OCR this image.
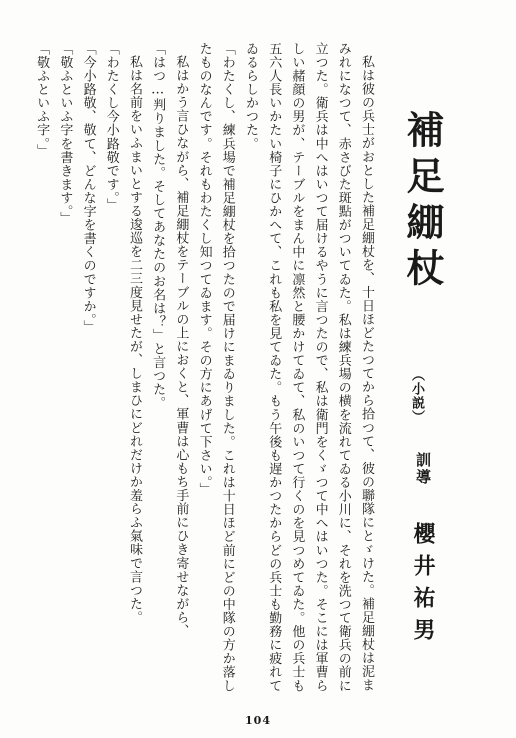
補足綳杖
（小説）
訓導 櫻井祐男

私は彼の兵士がおとした補足綳杖を、十日ほどたつてから拾つて、彼の聯隊にとゞけた。補足綳杖は泥まみれになつて、赤さびた斑點がついてゐた。私は練兵場の横を流れてゐる小川に、それを洗つて衛兵の前に立つた。衛兵は中へはいつて届けるやうに言つたので、私は衛門をくゞつて中へはいつた。そこには軍曹らしい赭顔の男が、テーブルをまん中に凛然と腰かけてゐて、私のいつて行くのを見つめてゐた。他の兵士も五六人長いかたい椅子にひかへて、これも私を見てゐた。もう午後も遅かつたからどの兵士も勤務に疲れてゐるらしかつた。

「わたくし、練兵場で補足綳杖を拾つたので届けにまゐりました。これは十日ほど前にどの中隊の方か落したものなんです。それもわたくし知つてゐます。その方にあげて下さい。」

私はかう言ひながら、補足綳杖をテーブルの上におくと、軍曹は心もち手前にひき寄せながら、

「はつ…判りました。そしてあなたのお名は？」と言つた。

私は名前をいふまいとする逡巡を二三度見せたが、しまひにどれだけか羞らふ氣味で言つた。

「わたくし今小路敬です。」

「今小路敬、敬て、どんな字を書くのですか。」

「敬ふといふ字を書きます。」

「敬ふといふ字。」

104
